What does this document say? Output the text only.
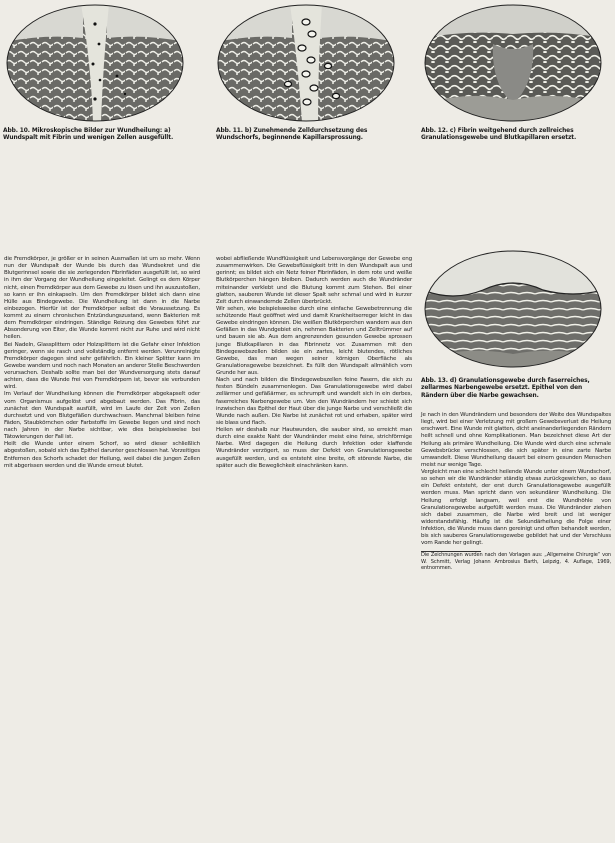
Abb. 10. Mikroskopische Bilder zur Wundheilung: a) Wundspalt mit Fibrin und wenigen Zellen ausgefüllt.

Abb. 11. b) Zunehmende Zelldurchsetzung des Wundschorfs, beginnende Kapillarsprossung.

Abb. 12. c) Fibrin weitgehend durch zellreiches Granulationsgewebe und Blutkapillaren ersetzt.

Abb. 13. d) Granulationsgewebe durch faserreiches, zellarmes Narbengewebe ersetzt. Epithel von den Rändern über die Narbe gewachsen.

die Fremdkörper, je größer er in seinen Ausmaßen ist um so mehr. Wenn nun der Wundspalt der Wunde bis durch das Wundsekret und die Blutgerinnsel sowie die sie zerlegenden Fibrinfäden ausgefüllt ist, so wird in ihm der Vorgang der Wundheilung eingeleitet. Gelingt es dem Körper nicht, einen Fremdkörper aus dem Gewebe zu lösen und ihn auszustoßen, so kann er ihn einkapseln. Um den Fremdkörper bildet sich dann eine Hülle aus Bindegewebe. Die Wundheilung ist dann in die Narbe einbezogen. Hierfür ist der Fremdkörper selbst die Voraussetzung. Es kommt zu einem chronischen Entzündungszustand, wenn Bakterien mit dem Fremdkörper eindringen. Ständige Reizung des Gewebes führt zur Absonderung von Eiter, die Wunde kommt nicht zur Ruhe und wird nicht heilen.

Bei Nadeln, Glassplittern oder Holzsplittern ist die Gefahr einer Infektion geringer, wenn sie rasch und vollständig entfernt werden. Verunreinigte Fremdkörper dagegen sind sehr gefährlich. Ein kleiner Splitter kann im Gewebe wandern und noch nach Monaten an anderer Stelle Beschwerden verursachen. Deshalb sollte man bei der Wundversorgung stets darauf achten, dass die Wunde frei von Fremdkörpern ist, bevor sie verbunden wird.

Im Verlauf der Wundheilung können die Fremdkörper abgekapselt oder vom Organismus aufgelöst und abgebaut werden. Das Fibrin, das zunächst den Wundspalt ausfüllt, wird im Laufe der Zeit von Zellen durchsetzt und von Blutgefäßen durchwachsen. Manchmal bleiben feine Fäden, Staubkörnchen oder Farbstoffe im Gewebe liegen und sind noch nach Jahren in der Narbe sichtbar, wie dies beispielsweise bei Tätowierungen der Fall ist.

Heilt die Wunde unter einem Schorf, so wird dieser schließlich abgestoßen, sobald sich das Epithel darunter geschlossen hat. Vorzeitiges Entfernen des Schorfs schadet der Heilung, weil dabei die jungen Zellen mit abgerissen werden und die Wunde erneut blutet.

wobei abfließende Wundflüssigkeit und Lebensvorgänge der Gewebe eng zusammenwirken. Die Gewebsflüssigkeit tritt in den Wundspalt aus und gerinnt; es bildet sich ein Netz feiner Fibrinfäden, in dem rote und weiße Blutkörperchen hängen bleiben. Dadurch werden auch die Wundränder miteinander verklebt und die Blutung kommt zum Stehen. Bei einer glatten, sauberen Wunde ist dieser Spalt sehr schmal und wird in kurzer Zeit durch einwandernde Zellen überbrückt.

Wir sehen, wie beispielsweise durch eine einfache Gewebetrennung die schützende Haut geöffnet wird und damit Krankheitserreger leicht in das Gewebe eindringen können. Die weißen Blutkörperchen wandern aus den Gefäßen in das Wundgebiet ein, nehmen Bakterien und Zelltrümmer auf und bauen sie ab. Aus dem angrenzenden gesunden Gewebe sprossen junge Blutkapillaren in das Fibrinnetz vor. Zusammen mit den Bindegewebszellen bilden sie ein zartes, leicht blutendes, rötliches Gewebe, das man wegen seiner körnigen Oberfläche als Granulationsgewebe bezeichnet. Es füllt den Wundspalt allmählich vom Grunde her aus.

Nach und nach bilden die Bindegewebszellen feine Fasern, die sich zu festen Bündeln zusammenlegen. Das Granulationsgewebe wird dabei zellärmer und gefäßärmer, es schrumpft und wandelt sich in ein derbes, faserreiches Narbengewebe um. Von den Wundrändern her schiebt sich inzwischen das Epithel der Haut über die junge Narbe und verschließt die Wunde nach außen. Die Narbe ist zunächst rot und erhaben, später wird sie blass und flach.

Heilen wir deshalb nur Hautwunden, die sauber sind, so erreicht man durch eine exakte Naht der Wundränder meist eine feine, strichförmige Narbe. Wird dagegen die Heilung durch Infektion oder klaffende Wundränder verzögert, so muss der Defekt von Granulationsgewebe ausgefüllt werden, und es entsteht eine breite, oft störende Narbe, die später auch die Beweglichkeit einschränken kann.

Je nach in den Wundrändern und besonders der Weite des Wundspaltes liegt, wird bei einer Verletzung mit großem Gewebsverlust die Heilung erschwert. Eine Wunde mit glatten, dicht aneinanderliegenden Rändern heilt schnell und ohne Komplikationen. Man bezeichnet diese Art der Heilung als primäre Wundheilung. Die Wunde wird durch eine schmale Gewebsbrücke verschlossen, die sich später in eine zarte Narbe umwandelt. Diese Wundheilung dauert bei einem gesunden Menschen meist nur wenige Tage.

Vergleicht man eine schlecht heilende Wunde unter einem Wundschorf, so sehen wir die Wundränder ständig etwas zurückgewichen, so dass ein Defekt entsteht, der erst durch Granulationsgewebe ausgefüllt werden muss. Man spricht dann von sekundärer Wundheilung. Die Heilung erfolgt langsam, weil erst die Wundhöhle von Granulationsgewebe aufgefüllt werden muss. Die Wundränder ziehen sich dabei zusammen, die Narbe wird breit und ist weniger widerstandsfähig. Häufig ist die Sekundärheilung die Folge einer Infektion, die Wunde muss dann gereinigt und offen behandelt werden, bis sich sauberes Granulationsgewebe gebildet hat und der Verschluss vom Rande her gelingt.

Die Zeichnungen wurden nach den Vorlagen aus: „Allgemeine Chirurgie“ von W. Schmitt, Verlag Johann Ambrosius Barth, Leipzig, 4. Auflage, 1969, entnommen.
